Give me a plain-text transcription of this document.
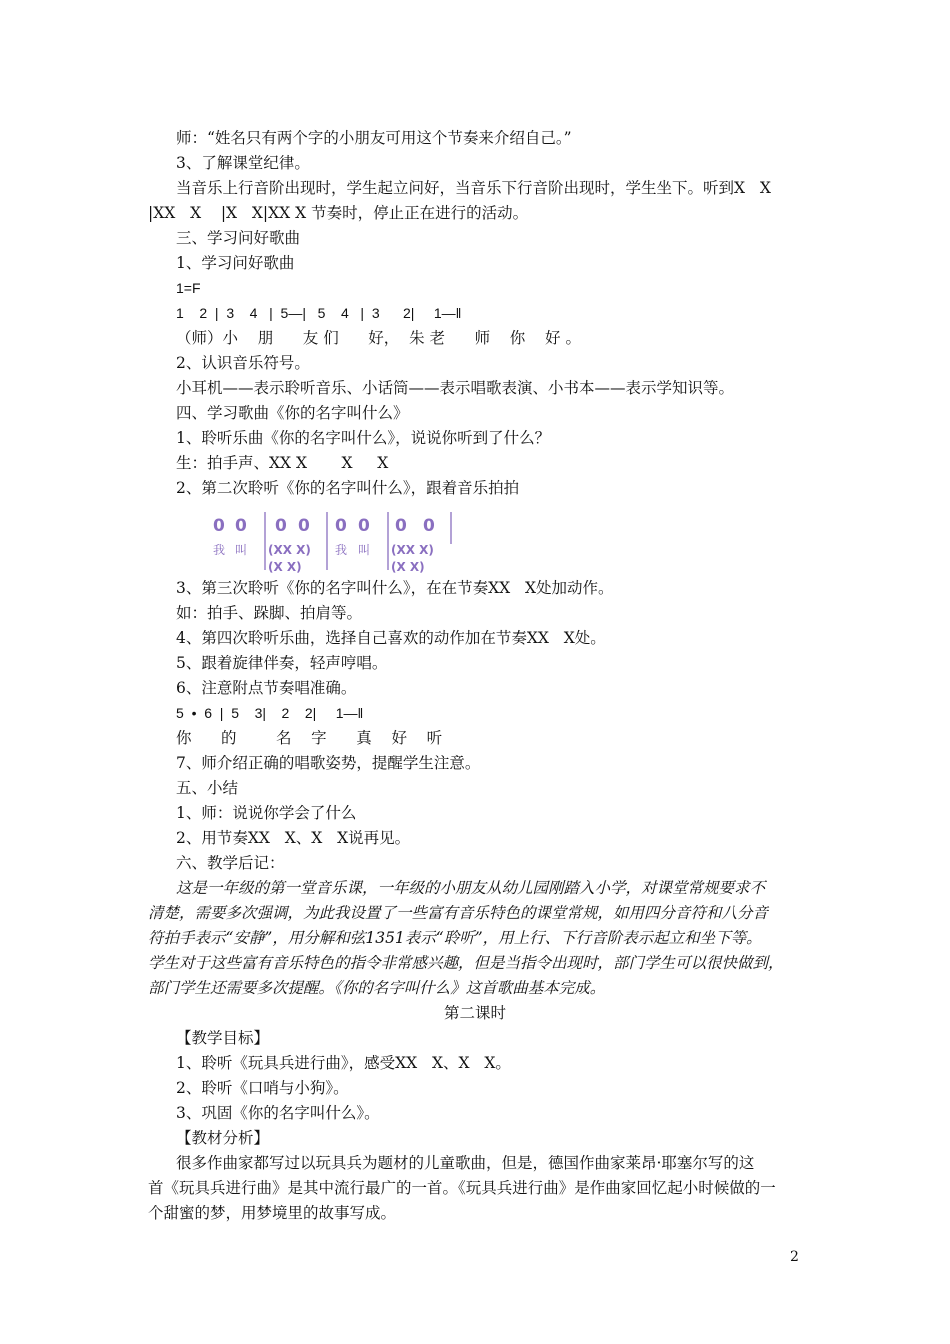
师：“姓名只有两个字的小朋友可用这个节奏来介绍自己。”
3、了解课堂纪律。
当音乐上行音阶出现时，学生起立问好，当音乐下行音阶出现时，学生坐下。听到X   X
|XX   X    |X   X|XX X 节奏时，停止正在进行的活动。
三、学习问好歌曲
1、学习问好歌曲
1=F
1    2  |  3    4   |  5—|   5    4   |  3      2|     1—‖
（师）小    朋      友 们      好，  朱 老      师    你    好 。
2、认识音乐符号。
小耳机——表示聆听音乐、小话筒——表示唱歌表演、小书本——表示学知识等。
四、学习歌曲《你的名字叫什么》
1、聆听乐曲《你的名字叫什么》，说说你听到了什么？
生：拍手声、XX X       X     X
2、第二次聆听《你的名字叫什么》，跟着音乐拍拍
0 0 0 0 0 0 0 0
我 叫	我 叫
(XX X)	(XX X)
(X X)	(X X)
3、第三次聆听《你的名字叫什么》，在在节奏XX   X处加动作。
如：拍手、跺脚、拍肩等。
4、第四次聆听乐曲，选择自己喜欢的动作加在节奏XX   X处。
5、跟着旋律伴奏，轻声哼唱。
6、注意附点节奏唱准确。
5  •  6  |  5    3|    2    2|     1—‖
你      的        名    字      真    好    听
7、师介绍正确的唱歌姿势，提醒学生注意。
五、小结
1、师：说说你学会了什么
2、用节奏XX   X、X   X说再见。
六、教学后记：
这是一年级的第一堂音乐课，一年级的小朋友从幼儿园刚踏入小学，对课堂常规要求不
清楚，需要多次强调，为此我设置了一些富有音乐特色的课堂常规，如用四分音符和八分音
符拍手表示“安静”，用分解和弦1351表示“聆听”，用上行、下行音阶表示起立和坐下等。
学生对于这些富有音乐特色的指令非常感兴趣，但是当指令出现时，部门学生可以很快做到，
部门学生还需要多次提醒。《你的名字叫什么》这首歌曲基本完成。
第二课时
【教学目标】
1、聆听《玩具兵进行曲》，感受XX   X、X   X。
2、聆听《口哨与小狗》。
3、巩固《你的名字叫什么》。
【教材分析】
很多作曲家都写过以玩具兵为题材的儿童歌曲，但是，德国作曲家莱昂·耶塞尔写的这
首《玩具兵进行曲》是其中流行最广的一首。《玩具兵进行曲》是作曲家回忆起小时候做的一
个甜蜜的梦，用梦境里的故事写成。
2
